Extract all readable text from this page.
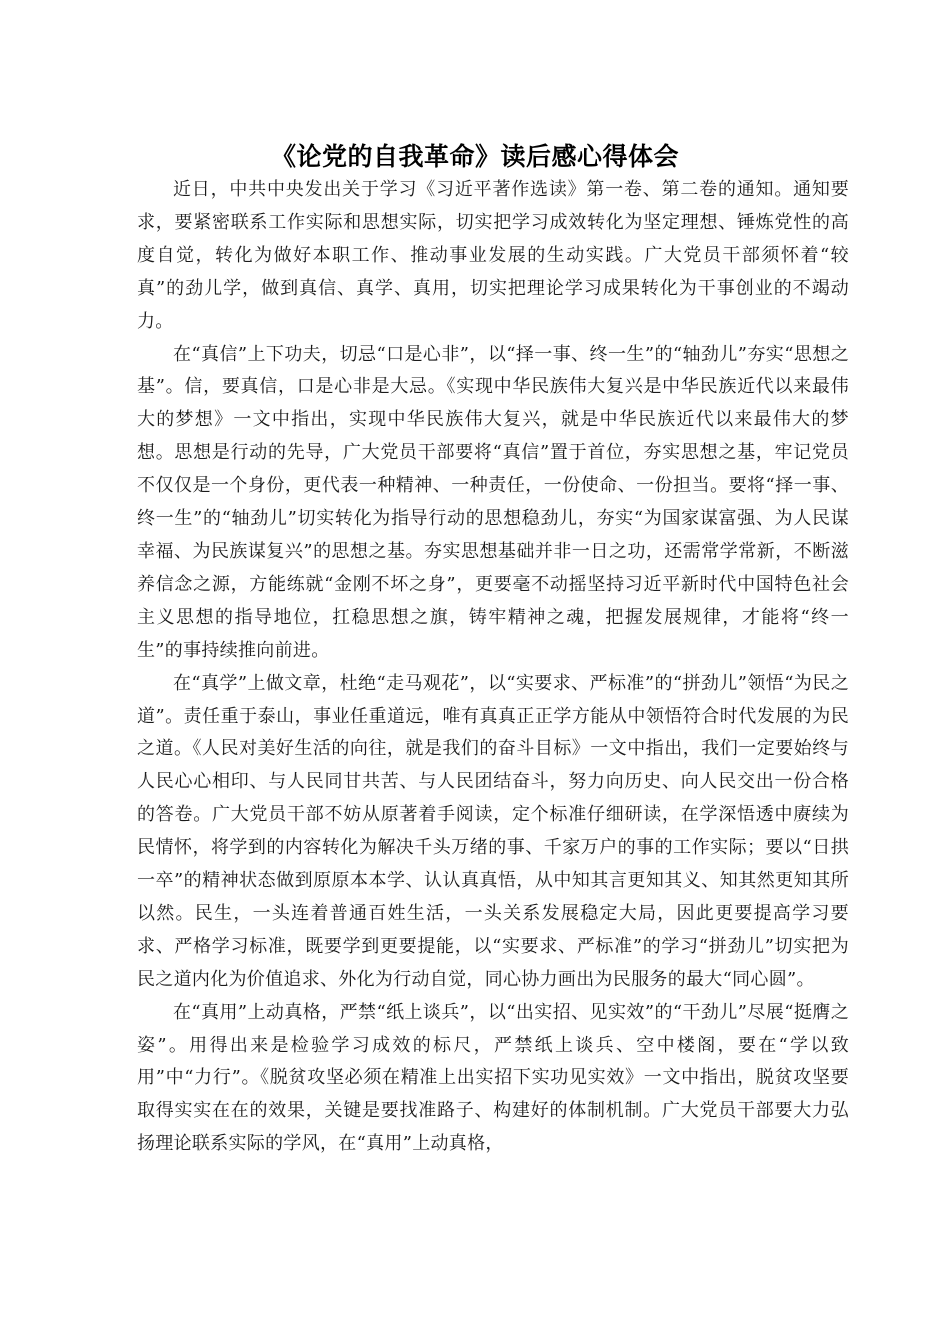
《论党的自我革命》读后感心得体会

近日，中共中央发出关于学习《习近平著作选读》第一卷、第二卷的通知。通知要求，要紧密联系工作实际和思想实际，切实把学习成效转化为坚定理想、锤炼党性的高度自觉，转化为做好本职工作、推动事业发展的生动实践。广大党员干部须怀着“较真”的劲儿学，做到真信、真学、真用，切实把理论学习成果转化为干事创业的不竭动力。

在“真信”上下功夫，切忌“口是心非”，以“择一事、终一生”的“轴劲儿”夯实“思想之基”。信，要真信，口是心非是大忌。《实现中华民族伟大复兴是中华民族近代以来最伟大的梦想》一文中指出，实现中华民族伟大复兴，就是中华民族近代以来最伟大的梦想。思想是行动的先导，广大党员干部要将“真信”置于首位，夯实思想之基，牢记党员不仅仅是一个身份，更代表一种精神、一种责任，一份使命、一份担当。要将“择一事、终一生”的“轴劲儿”切实转化为指导行动的思想稳劲儿，夯实“为国家谋富强、为人民谋幸福、为民族谋复兴”的思想之基。夯实思想基础并非一日之功，还需常学常新，不断滋养信念之源，方能练就“金刚不坏之身”，更要毫不动摇坚持习近平新时代中国特色社会主义思想的指导地位，扛稳思想之旗，铸牢精神之魂，把握发展规律，才能将“终一生”的事持续推向前进。

在“真学”上做文章，杜绝“走马观花”，以“实要求、严标准”的“拼劲儿”领悟“为民之道”。责任重于泰山，事业任重道远，唯有真真正正学方能从中领悟符合时代发展的为民之道。《人民对美好生活的向往，就是我们的奋斗目标》一文中指出，我们一定要始终与人民心心相印、与人民同甘共苦、与人民团结奋斗，努力向历史、向人民交出一份合格的答卷。广大党员干部不妨从原著着手阅读，定个标准仔细研读，在学深悟透中赓续为民情怀，将学到的内容转化为解决千头万绪的事、千家万户的事的工作实际；要以“日拱一卒”的精神状态做到原原本本学、认认真真悟，从中知其言更知其义、知其然更知其所以然。民生，一头连着普通百姓生活，一头关系发展稳定大局，因此更要提高学习要求、严格学习标准，既要学到更要提能，以“实要求、严标准”的学习“拼劲儿”切实把为民之道内化为价值追求、外化为行动自觉，同心协力画出为民服务的最大“同心圆”。

在“真用”上动真格，严禁“纸上谈兵”，以“出实招、见实效”的“干劲儿”尽展“挺膺之姿”。用得出来是检验学习成效的标尺，严禁纸上谈兵、空中楼阁，要在“学以致用”中“力行”。《脱贫攻坚必须在精准上出实招下实功见实效》一文中指出，脱贫攻坚要取得实实在在的效果，关键是要找准路子、构建好的体制机制。广大党员干部要大力弘扬理论联系实际的学风，在“真用”上动真格，
